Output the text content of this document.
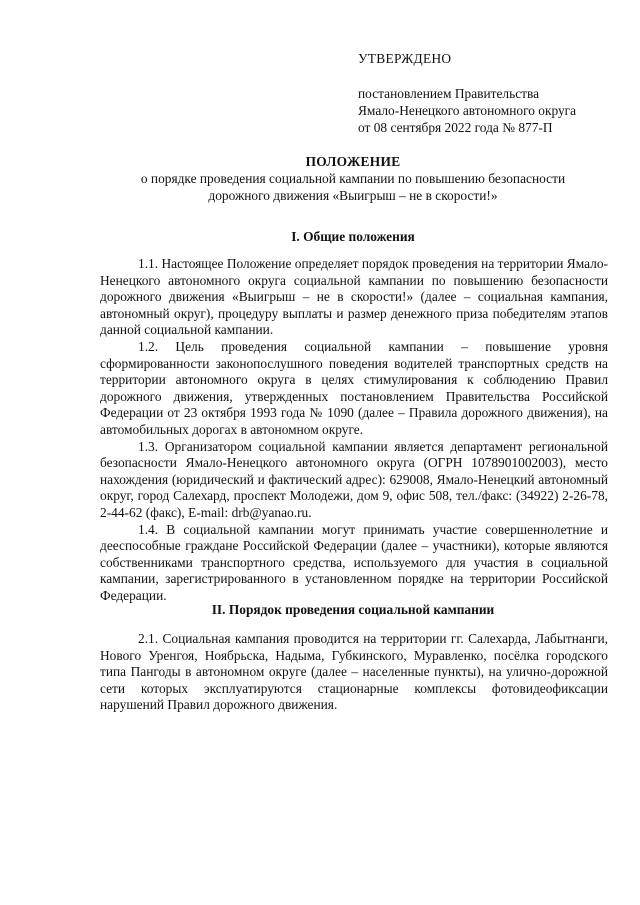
УТВЕРЖДЕНО
постановлением Правительства
Ямало-Ненецкого автономного округа
от 08 сентября 2022 года № 877-П
ПОЛОЖЕНИЕ
о порядке проведения социальной кампании по повышению безопасности
дорожного движения «Выигрыш – не в скорости!»
I. Общие положения

1.1. Настоящее Положение определяет порядок проведения на территории Ямало-Ненецкого автономного округа социальной кампании по повышению безопасности дорожного движения «Выигрыш – не в скорости!» (далее – социальная кампания, автономный округ), процедуру выплаты и размер денежного приза победителям этапов данной социальной кампании.

1.2. Цель проведения социальной кампании – повышение уровня сформированности законопослушного поведения водителей транспортных средств на территории автономного округа в целях стимулирования к соблюдению Правил дорожного движения, утвержденных постановлением Правительства Российской Федерации от 23 октября 1993 года № 1090 (далее – Правила дорожного движения), на автомобильных дорогах в автономном округе.

1.3. Организатором социальной кампании является департамент региональной безопасности Ямало-Ненецкого автономного округа (ОГРН 1078901002003), место нахождения (юридический и фактический адрес): 629008, Ямало-Ненецкий автономный округ, город Салехард, проспект Молодежи, дом 9, офис 508, тел./факс: (34922) 2-26-78, 2-44-62 (факс), E-mail: drb@yanao.ru.

1.4. В социальной кампании могут принимать участие совершеннолетние и дееспособные граждане Российской Федерации (далее – участники), которые являются собственниками транспортного средства, используемого для участия в социальной кампании, зарегистрированного в установленном порядке на территории Российской Федерации.

II. Порядок проведения социальной кампании

2.1. Социальная кампания проводится на территории гг. Салехарда, Лабытнанги, Нового Уренгоя, Ноябрьска, Надыма, Губкинского, Муравленко, посёлка городского типа Пангоды в автономном округе (далее – населенные пункты), на улично-дорожной сети которых эксплуатируются стационарные комплексы фотовидеофиксации нарушений Правил дорожного движения.
